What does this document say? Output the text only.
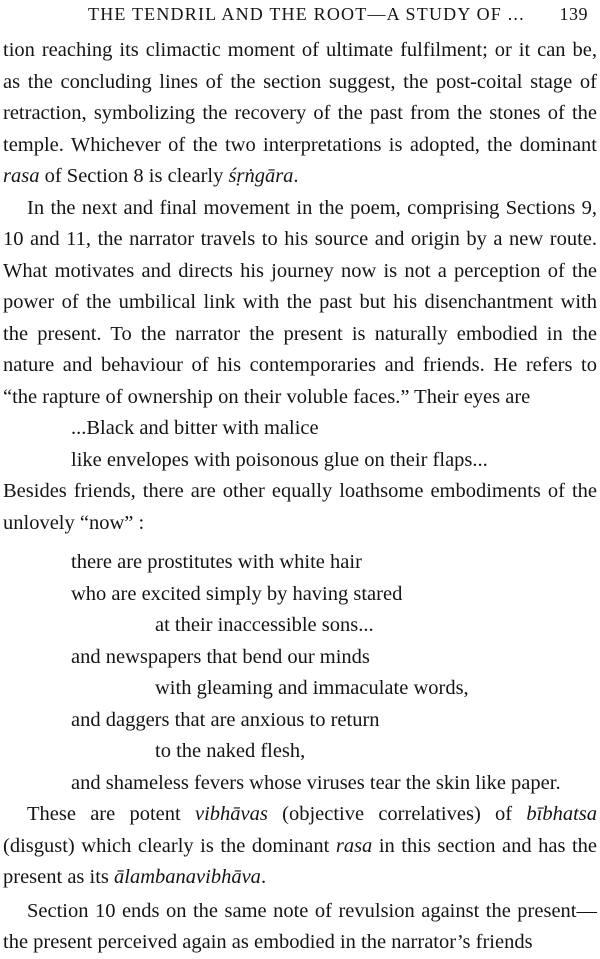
THE TENDRIL AND THE ROOT—A STUDY OF ... 139

tion reaching its climactic moment of ultimate fulfilment; or it can be, as the concluding lines of the section suggest, the post-coital stage of retraction, symbolizing the recovery of the past from the stones of the temple. Whichever of the two interpretations is adopted, the dominant rasa of Section 8 is clearly śṛṅgāra.

In the next and final movement in the poem, comprising Sections 9, 10 and 11, the narrator travels to his source and origin by a new route. What motivates and directs his journey now is not a perception of the power of the umbilical link with the past but his disenchantment with the present. To the narrator the present is naturally embodied in the nature and behaviour of his contemporaries and friends. He refers to “the rapture of ownership on their voluble faces.” Their eyes are

...Black and bitter with malice
like envelopes with poisonous glue on their flaps...

Besides friends, there are other equally loathsome embodiments of the unlovely “now” :

there are prostitutes with white hair
who are excited simply by having stared
at their inaccessible sons...
and newspapers that bend our minds
with gleaming and immaculate words,
and daggers that are anxious to return
to the naked flesh,
and shameless fevers whose viruses tear the skin like paper.

These are potent vibhāvas (objective correlatives) of bībhatsa (disgust) which clearly is the dominant rasa in this section and has the present as its ālambanavibhāva.

Section 10 ends on the same note of revulsion against the present—the present perceived again as embodied in the narrator’s friends
